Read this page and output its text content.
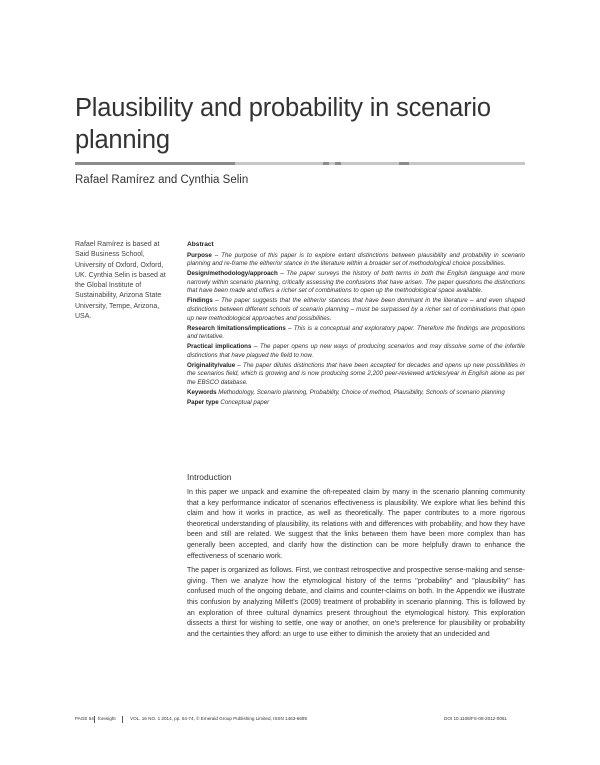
Plausibility and probability in scenario planning

Rafael Ramírez and Cynthia Selin

Rafael Ramírez is based at Said Business School, University of Oxford, Oxford, UK. Cynthia Selin is based at the Global Institute of Sustainability, Arizona State University, Tempe, Arizona, USA.

Abstract

Purpose – The purpose of this paper is to explore extant distinctions between plausibility and probability in scenario planning and re-frame the either/or stance in the literature within a broader set of methodological choice possibilities.

Design/methodology/approach – The paper surveys the history of both terms in both the English language and more narrowly within scenario planning, critically assessing the confusions that have arisen. The paper questions the distinctions that have been made and offers a richer set of combinations to open up the methodological space available.

Findings – The paper suggests that the either/or stances that have been dominant in the literature – and even shaped distinctions between different schools of scenario planning – must be surpassed by a richer set of combinations that open up new methodological approaches and possibilities.

Research limitations/implications – This is a conceptual and exploratory paper. Therefore the findings are propositions and tentative.

Practical implications – The paper opens up new ways of producing scenarios and may dissolve some of the infertile distinctions that have plagued the field to now.

Originality/value – The paper dilutes distinctions that have been accepted for decades and opens up new possibilities in the scenarios field, which is growing and is now producing some 2,200 peer-reviewed articles/year in English alone as per the EBSCO database.

Keywords Methodology, Scenario planning, Probability, Choice of method, Plausibility, Schools of scenario planning

Paper type Conceptual paper

Introduction

In this paper we unpack and examine the oft-repeated claim by many in the scenario planning community that a key performance indicator of scenarios effectiveness is plausibility. We explore what lies behind this claim and how it works in practice, as well as theoretically. The paper contributes to a more rigorous theoretical understanding of plausibility, its relations with and differences with probability, and how they have been and still are related. We suggest that the links between them have been more complex than has generally been accepted, and clarify how the distinction can be more helpfully drawn to enhance the effectiveness of scenario work.

The paper is organized as follows. First, we contrast retrospective and prospective sense-making and sense-giving. Then we analyze how the etymological history of the terms ''probability'' and ''plausibility'' has confused much of the ongoing debate, and claims and counter-claims on both. In the Appendix we illustrate this confusion by analyzing Millett's (2009) treatment of probability in scenario planning. This is followed by an exploration of three cultural dynamics present throughout the etymological history. This exploration dissects a thirst for wishing to settle, one way or another, on one's preference for plausibility or probability and the certainties they afford: an urge to use either to diminish the anxiety that an undecided and

PAGE 54 foresight	VOL. 16 NO. 1 2014, pp. 54-74, © Emerald Group Publishing Limited, ISSN 1463-6689	DOI 10.1108/FS-08-2012-0061
